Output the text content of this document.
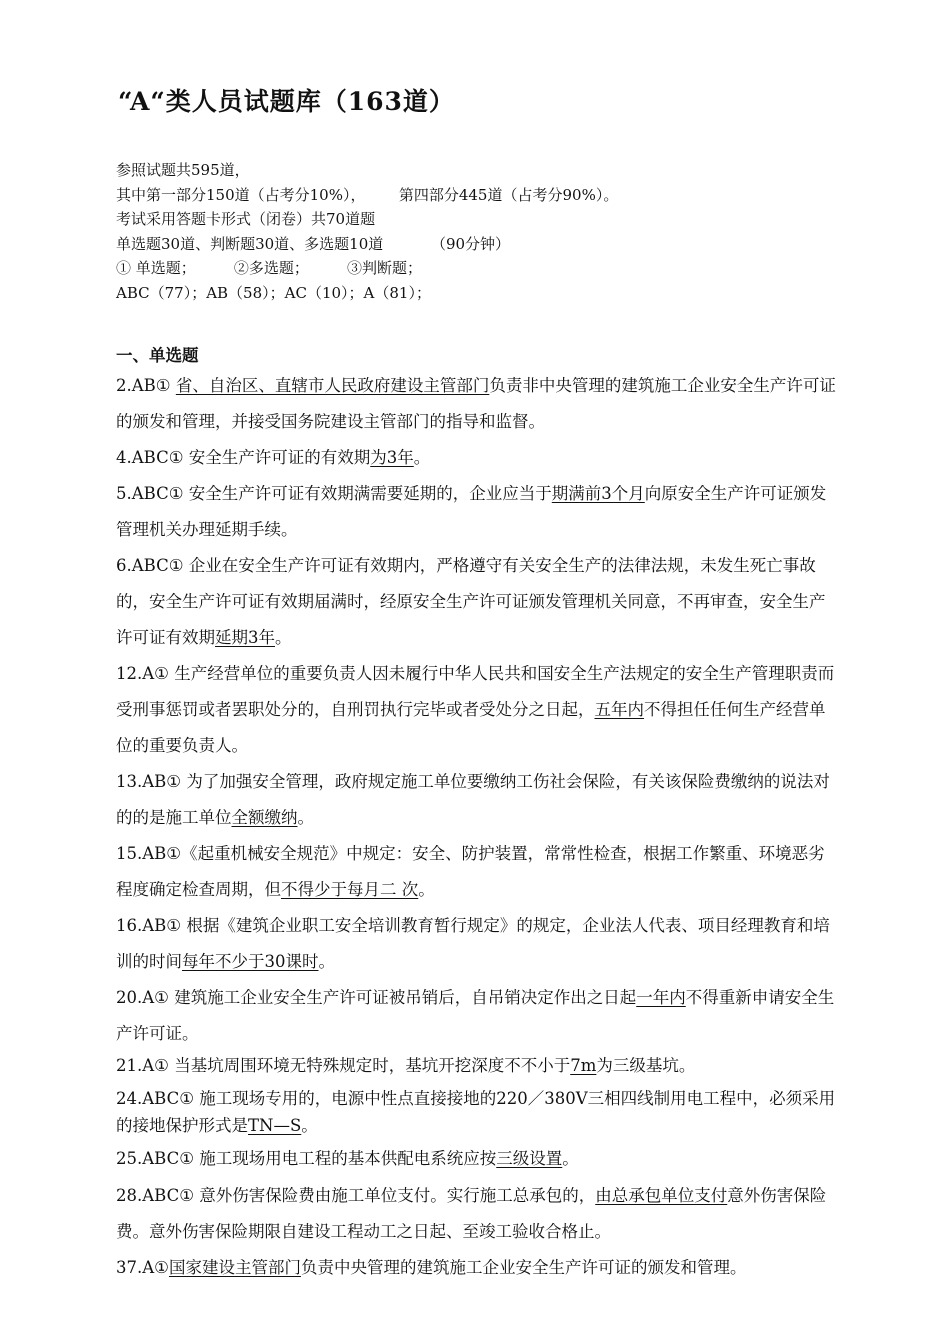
“A“类人员试题库（163道）
参照试题共595道，
其中第一部分150道（占考分10%），       第四部分445道（占考分90%）。
考试采用答题卡形式（闭卷）共70道题
单选题30道、判断题30道、多选题10道          （90分钟）
① 单选题；        ②多选题；        ③判断题；
ABC（77）；AB（58）；AC（10）；A（81）；
一、单选题

2.AB① 省、自治区、直辖市人民政府建设主管部门负责非中央管理的建筑施工企业安全生产许可证的颁发和管理，并接受国务院建设主管部门的指导和监督。

4.ABC① 安全生产许可证的有效期为3年。

5.ABC① 安全生产许可证有效期满需要延期的，企业应当于期满前3个月向原安全生产许可证颁发管理机关办理延期手续。

6.ABC① 企业在安全生产许可证有效期内，严格遵守有关安全生产的法律法规，未发生死亡事故的，安全生产许可证有效期届满时，经原安全生产许可证颁发管理机关同意，不再审查，安全生产许可证有效期延期3年。

12.A① 生产经营单位的重要负责人因未履行中华人民共和国安全生产法规定的安全生产管理职责而受刑事惩罚或者罢职处分的，自刑罚执行完毕或者受处分之日起，五年内不得担任任何生产经营单位的重要负责人。

13.AB① 为了加强安全管理，政府规定施工单位要缴纳工伤社会保险，有关该保险费缴纳的说法对的的是施工单位全额缴纳。

15.AB①《起重机械安全规范》中规定：安全、防护装置，常常性检查，根据工作繁重、环境恶劣程度确定检查周期，但不得少于每月二 次。

16.AB① 根据《建筑企业职工安全培训教育暂行规定》的规定，企业法人代表、项目经理教育和培训的时间每年不少于30课时。

20.A① 建筑施工企业安全生产许可证被吊销后，自吊销决定作出之日起一年内不得重新申请安全生产许可证。

21.A① 当基坑周围环境无特殊规定时，基坑开挖深度不不小于7m为三级基坑。

24.ABC① 施工现场专用的，电源中性点直接接地的220／380V三相四线制用电工程中，必须采用的接地保护形式是TN—S。

25.ABC① 施工现场用电工程的基本供配电系统应按三级设置。

28.ABC① 意外伤害保险费由施工单位支付。实行施工总承包的，由总承包单位支付意外伤害保险费。意外伤害保险期限自建设工程动工之日起、至竣工验收合格止。

37.A①国家建设主管部门负责中央管理的建筑施工企业安全生产许可证的颁发和管理。
